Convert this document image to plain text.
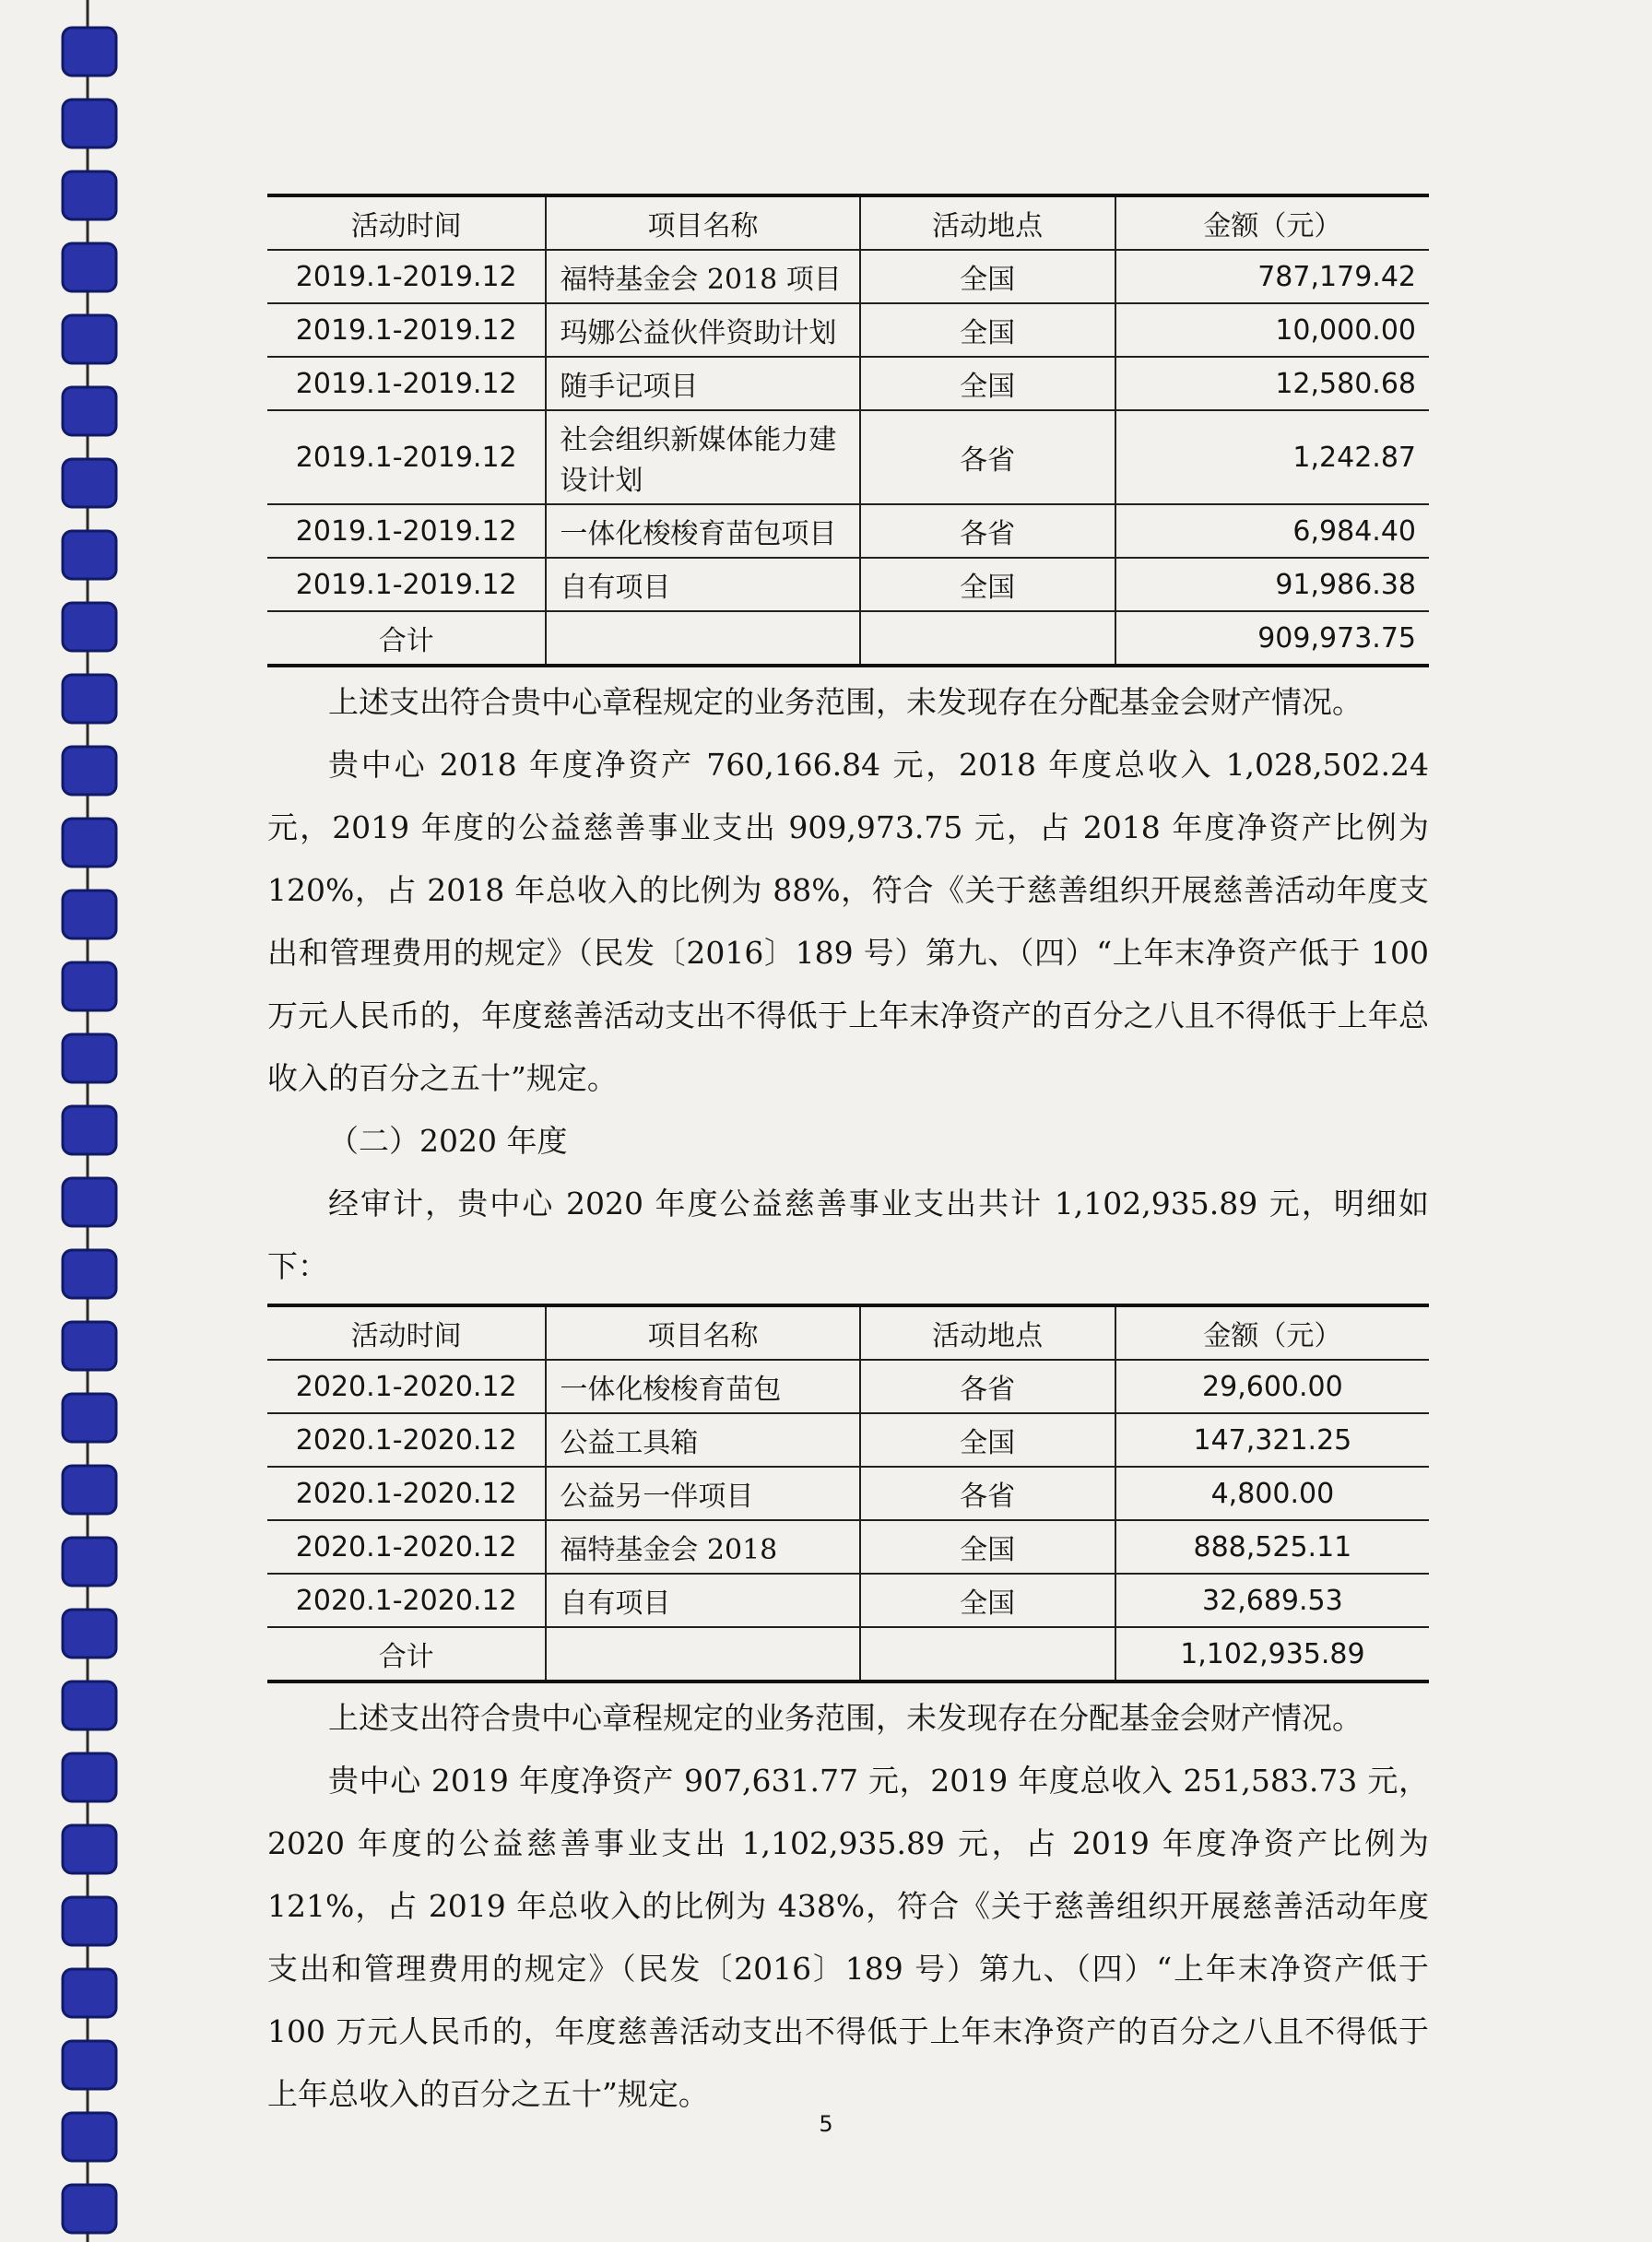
活动时间	项目名称	活动地点	金额（元）
2019.1-2019.12	福特基金会 2018 项目	全国	787,179.42
2019.1-2019.12	玛娜公益伙伴资助计划	全国	10,000.00
2019.1-2019.12	随手记项目	全国	12,580.68
2019.1-2019.12	社会组织新媒体能力建设计划	各省	1,242.87
2019.1-2019.12	一体化梭梭育苗包项目	各省	6,984.40
2019.1-2019.12	自有项目	全国	91,986.38
合计			909,973.75

上述支出符合贵中心章程规定的业务范围，未发现存在分配基金会财产情况。

贵中心 2018 年度净资产 760,166.84 元，2018 年度总收入 1,028,502.24 元，2019 年度的公益慈善事业支出 909,973.75 元，占 2018 年度净资产比例为 120%，占 2018 年总收入的比例为 88%，符合《关于慈善组织开展慈善活动年度支出和管理费用的规定》（民发〔2016〕189 号）第九、（四）“上年末净资产低于 100 万元人民币的，年度慈善活动支出不得低于上年末净资产的百分之八且不得低于上年总收入的百分之五十”规定。

（二）2020 年度

经审计，贵中心 2020 年度公益慈善事业支出共计 1,102,935.89 元，明细如下：

活动时间	项目名称	活动地点	金额（元）
2020.1-2020.12	一体化梭梭育苗包	各省	29,600.00
2020.1-2020.12	公益工具箱	全国	147,321.25
2020.1-2020.12	公益另一伴项目	各省	4,800.00
2020.1-2020.12	福特基金会 2018	全国	888,525.11
2020.1-2020.12	自有项目	全国	32,689.53
合计			1,102,935.89

上述支出符合贵中心章程规定的业务范围，未发现存在分配基金会财产情况。

贵中心 2019 年度净资产 907,631.77 元，2019 年度总收入 251,583.73 元，2020 年度的公益慈善事业支出 1,102,935.89 元，占 2019 年度净资产比例为 121%，占 2019 年总收入的比例为 438%，符合《关于慈善组织开展慈善活动年度支出和管理费用的规定》（民发〔2016〕189 号）第九、（四）“上年末净资产低于 100 万元人民币的，年度慈善活动支出不得低于上年末净资产的百分之八且不得低于上年总收入的百分之五十”规定。

5
